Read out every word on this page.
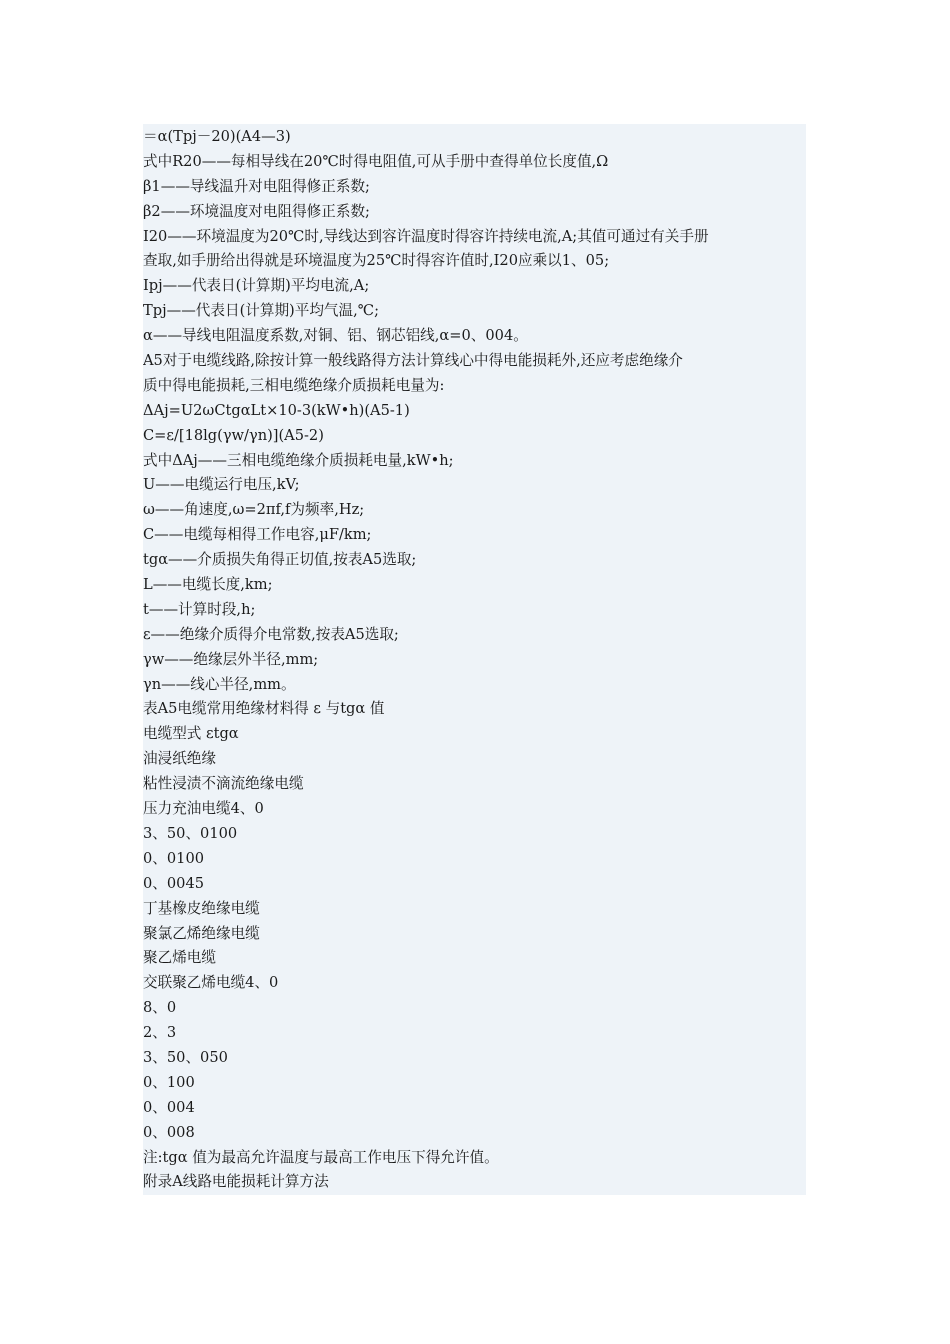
＝α(Tpj－20)(A4—3)
式中R20——每相导线在20℃时得电阻值,可从手册中查得单位长度值,Ω
β1——导线温升对电阻得修正系数;
β2——环境温度对电阻得修正系数;
I20——环境温度为20℃时,导线达到容许温度时得容许持续电流,A;其值可通过有关手册
查取,如手册给出得就是环境温度为25℃时得容许值时,I20应乘以1、05;
Ipj——代表日(计算期)平均电流,A;
Tpj——代表日(计算期)平均气温,℃;
α——导线电阻温度系数,对铜、铝、钢芯铝线,α=0、004。
A5对于电缆线路,除按计算一般线路得方法计算线心中得电能损耗外,还应考虑绝缘介
质中得电能损耗,三相电缆绝缘介质损耗电量为:
ΔAj=U2ωCtgαLt×10-3(kW•h)(A5-1)
C=ε/[18lg(γw/γn)](A5-2)
式中ΔAj——三相电缆绝缘介质损耗电量,kW•h;
U——电缆运行电压,kV;
ω——角速度,ω=2πf,f为频率,Hz;
C——电缆每相得工作电容,μF/km;
tgα——介质损失角得正切值,按表A5选取;
L——电缆长度,km;
t——计算时段,h;
ε——绝缘介质得介电常数,按表A5选取;
γw——绝缘层外半径,mm;
γn——线心半径,mm。
表A5电缆常用绝缘材料得 ε 与tgα 值
电缆型式 εtgα
油浸纸绝缘
粘性浸渍不滴流绝缘电缆
压力充油电缆4、0
3、50、0100
0、0100
0、0045
丁基橡皮绝缘电缆
聚氯乙烯绝缘电缆
聚乙烯电缆
交联聚乙烯电缆4、0
8、0
2、3
3、50、050
0、100
0、004
0、008
注:tgα 值为最高允许温度与最高工作电压下得允许值。
附录A线路电能损耗计算方法
